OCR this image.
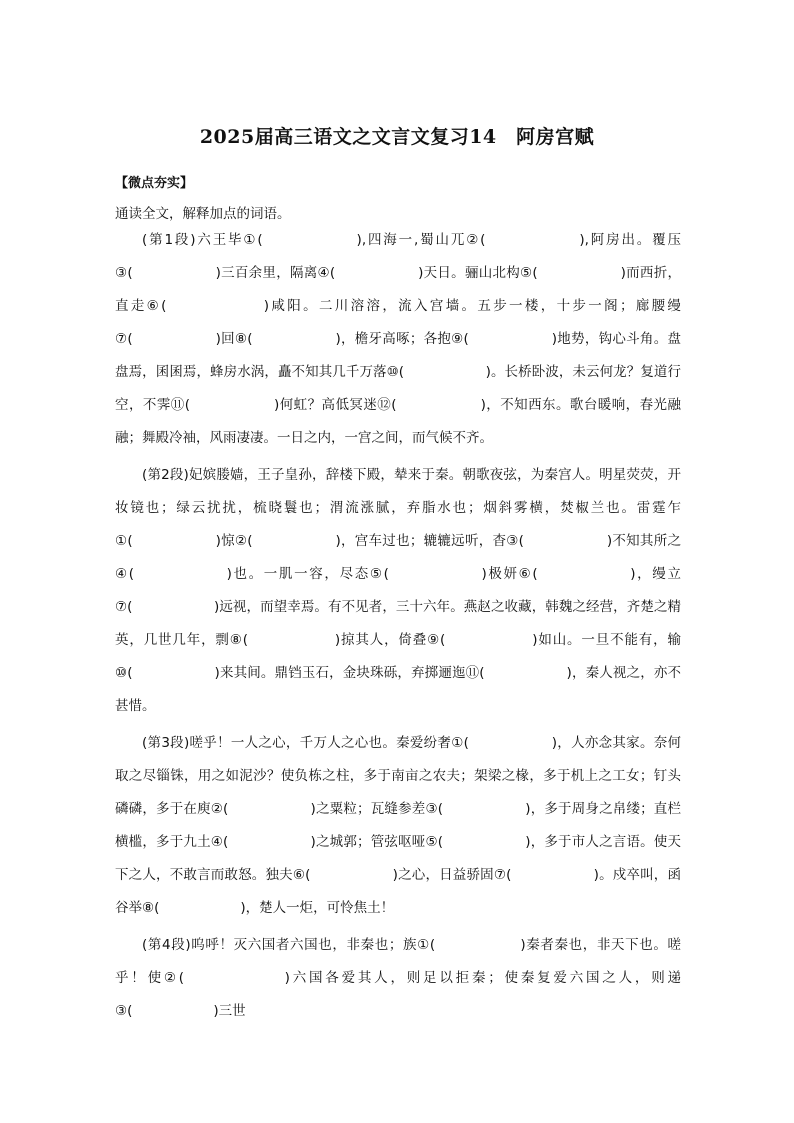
2025届高三语文之文言文复习14　阿房宫赋
【微点夯实】
通读全文，解释加点的词语。

(第1段)六王毕①(　　　　　　),四海一,蜀山兀②(　　　　　　),阿房出。覆压③(　　　　　　)三百余里，隔离④(　　　　　　)天日。骊山北构⑤(　　　　　　)而西折，直走⑥(　　　　　　)咸阳。二川溶溶，流入宫墙。五步一楼，十步一阁；廊腰缦⑦(　　　　　　)回⑧(　　　　　　)，檐牙高啄；各抱⑨(　　　　　　)地势，钩心斗角。盘盘焉，囷囷焉，蜂房水涡，矗不知其几千万落⑩(　　　　　　)。长桥卧波，未云何龙？复道行空，不霁⑪(　　　　　　)何虹？高低冥迷⑫(　　　　　　)，不知西东。歌台暖响，春光融融；舞殿冷袖，风雨凄凄。一日之内，一宫之间，而气候不齐。

(第2段)妃嫔媵嫱，王子皇孙，辞楼下殿，辇来于秦。朝歌夜弦，为秦宫人。明星荧荧，开妆镜也；绿云扰扰，梳晓鬟也；渭流涨腻，弃脂水也；烟斜雾横，焚椒兰也。雷霆乍①(　　　　　　)惊②(　　　　　　)，宫车过也；辘辘远听，杳③(　　　　　　)不知其所之④(　　　　　　)也。一肌一容，尽态⑤(　　　　　　)极妍⑥(　　　　　　)，缦立⑦(　　　　　　)远视，而望幸焉。有不见者，三十六年。燕赵之收藏，韩魏之经营，齐楚之精英，几世几年，剽⑧(　　　　　　)掠其人，倚叠⑨(　　　　　　)如山。一旦不能有，输⑩(　　　　　　)来其间。鼎铛玉石，金块珠砾，弃掷逦迤⑪(　　　　　　)，秦人视之，亦不甚惜。

(第3段)嗟乎！一人之心，千万人之心也。秦爱纷奢①(　　　　　　)，人亦念其家。奈何取之尽锱铢，用之如泥沙？使负栋之柱，多于南亩之农夫；架梁之椽，多于机上之工女；钉头磷磷，多于在庾②(　　　　　　)之粟粒；瓦缝参差③(　　　　　　)，多于周身之帛缕；直栏横槛，多于九土④(　　　　　　)之城郭；管弦呕哑⑤(　　　　　　)，多于市人之言语。使天下之人，不敢言而敢怒。独夫⑥(　　　　　　)之心，日益骄固⑦(　　　　　　)。戍卒叫，函谷举⑧(　　　　　　)，楚人一炬，可怜焦土！

(第4段)呜呼！灭六国者六国也，非秦也；族①(　　　　　　)秦者秦也，非天下也。嗟乎！使②(　　　　　　)六国各爱其人，则足以拒秦；使秦复爱六国之人，则递③(　　　　　　)三世
